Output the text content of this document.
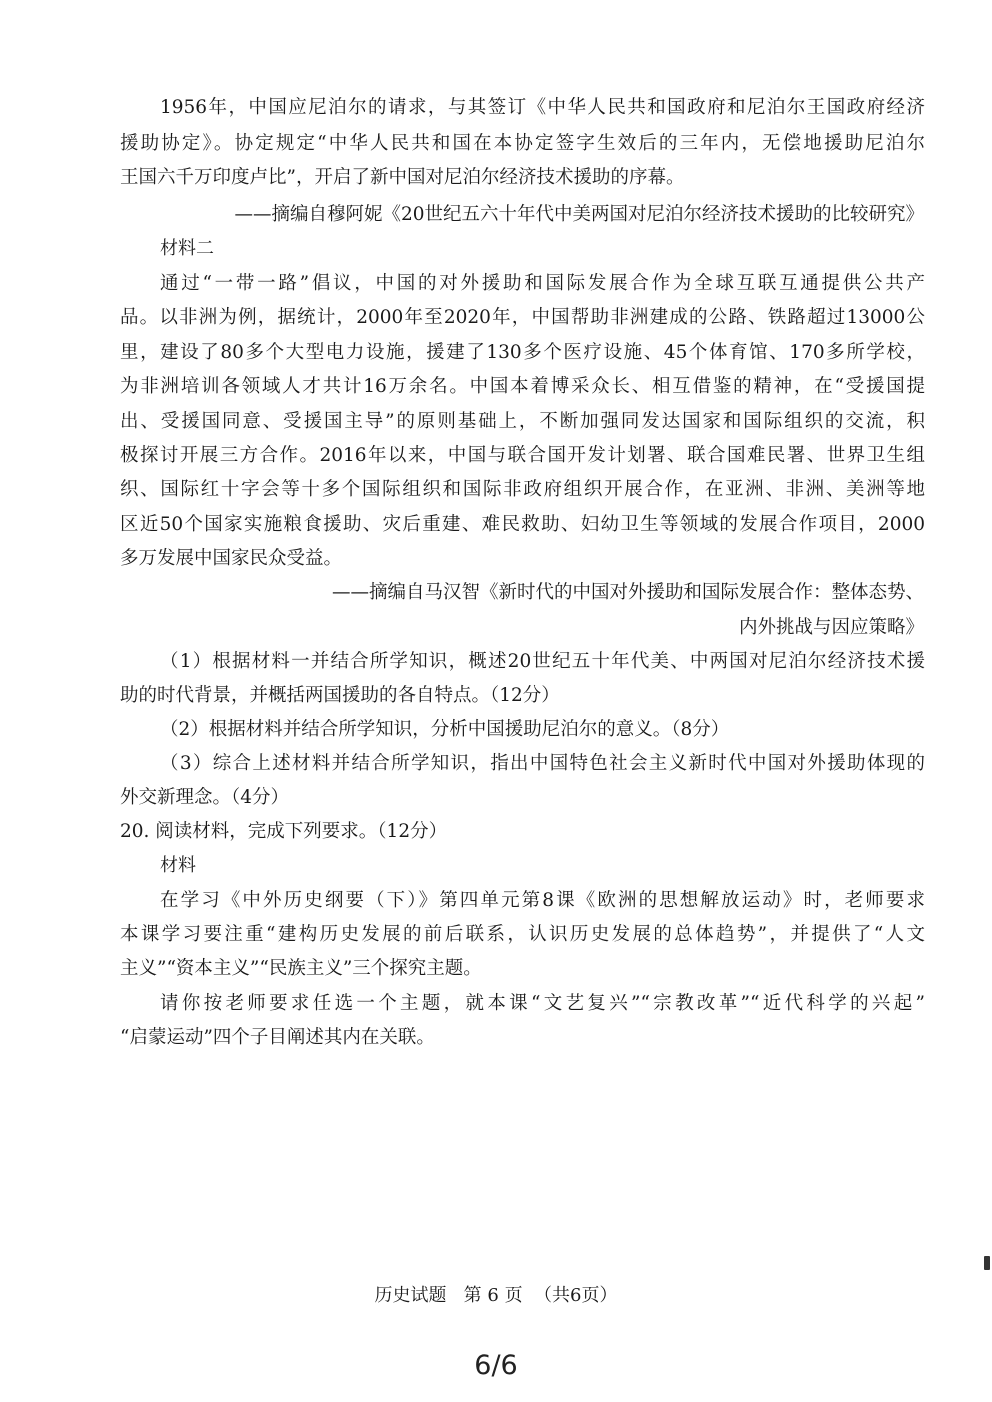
1956年，中国应尼泊尔的请求，与其签订《中华人民共和国政府和尼泊尔王国政府经济
援助协定》。协定规定“中华人民共和国在本协定签字生效后的三年内，无偿地援助尼泊尔
王国六千万印度卢比”，开启了新中国对尼泊尔经济技术援助的序幕。
——摘编自穆阿妮《20世纪五六十年代中美两国对尼泊尔经济技术援助的比较研究》
材料二
通过“一带一路”倡议，中国的对外援助和国际发展合作为全球互联互通提供公共产
品。以非洲为例，据统计，2000年至2020年，中国帮助非洲建成的公路、铁路超过13000公
里，建设了80多个大型电力设施，援建了130多个医疗设施、45个体育馆、170多所学校，
为非洲培训各领域人才共计16万余名。中国本着博采众长、相互借鉴的精神，在“受援国提
出、受援国同意、受援国主导”的原则基础上，不断加强同发达国家和国际组织的交流，积
极探讨开展三方合作。2016年以来，中国与联合国开发计划署、联合国难民署、世界卫生组
织、国际红十字会等十多个国际组织和国际非政府组织开展合作，在亚洲、非洲、美洲等地
区近50个国家实施粮食援助、灾后重建、难民救助、妇幼卫生等领域的发展合作项目，2000
多万发展中国家民众受益。
——摘编自马汉智《新时代的中国对外援助和国际发展合作：整体态势、
内外挑战与因应策略》
（1）根据材料一并结合所学知识，概述20世纪五十年代美、中两国对尼泊尔经济技术援
助的时代背景，并概括两国援助的各自特点。（12分）
（2）根据材料并结合所学知识，分析中国援助尼泊尔的意义。（8分）
（3）综合上述材料并结合所学知识，指出中国特色社会主义新时代中国对外援助体现的
外交新理念。（4分）
20. 阅读材料，完成下列要求。（12分）
材料
在学习《中外历史纲要（下）》第四单元第8课《欧洲的思想解放运动》时，老师要求
本课学习要注重“建构历史发展的前后联系，认识历史发展的总体趋势”，并提供了“人文
主义”“资本主义”“民族主义”三个探究主题。
请你按老师要求任选一个主题，就本课“文艺复兴”“宗教改革”“近代科学的兴起”
“启蒙运动”四个子目阐述其内在关联。
历史试题   第 6 页  （共6页）
6/6
